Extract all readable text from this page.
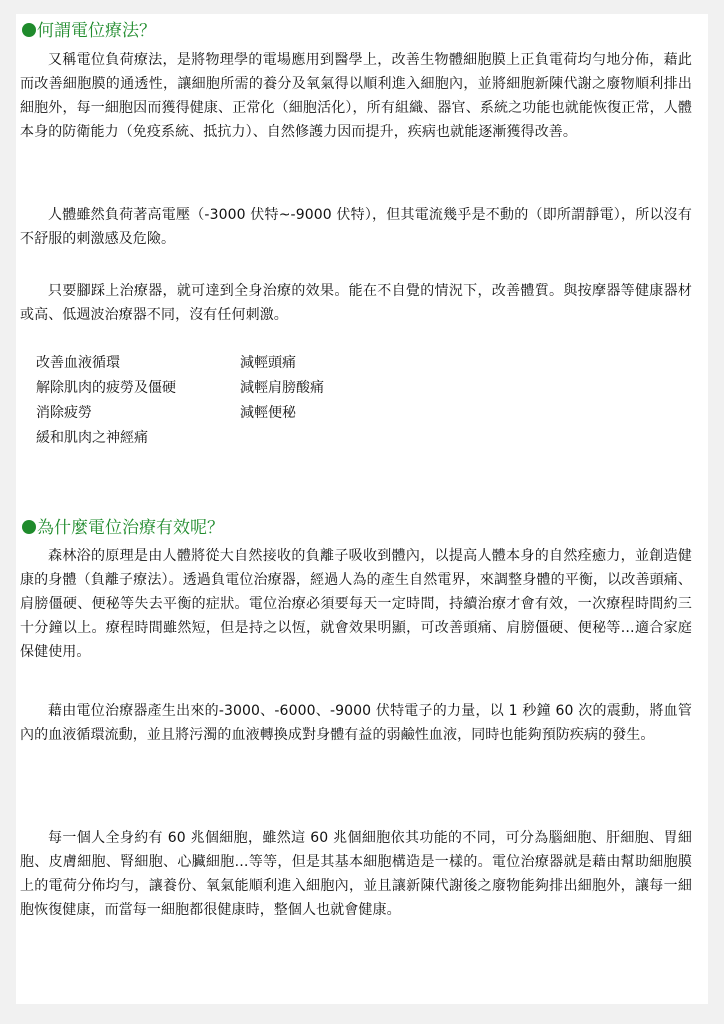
何謂電位療法？

又稱電位負荷療法，是將物理學的電場應用到醫學上，改善生物體細胞膜上正負電荷均勻地分佈，藉此而改善細胞膜的通透性，讓細胞所需的養分及氧氣得以順利進入細胞內，並將細胞新陳代謝之廢物順利排出細胞外，每一細胞因而獲得健康、正常化（細胞活化），所有組織、器官、系統之功能也就能恢復正常，人體本身的防衛能力（免疫系統、抵抗力）、自然修護力因而提升，疾病也就能逐漸獲得改善。

人體雖然負荷著高電壓（-3000 伏特~-9000 伏特），但其電流幾乎是不動的（即所謂靜電），所以沒有不舒服的刺激感及危險。

只要腳踩上治療器，就可達到全身治療的效果。能在不自覺的情況下，改善體質。與按摩器等健康器材或高、低週波治療器不同，沒有任何刺激。

改善血液循環
解除肌肉的疲勞及僵硬
消除疲勞
緩和肌肉之神經痛
減輕頭痛
減輕肩膀酸痛
減輕便秘
為什麼電位治療有效呢？

森林浴的原理是由人體將從大自然接收的負離子吸收到體內，以提高人體本身的自然痊癒力，並創造健康的身體（負離子療法）。透過負電位治療器，經過人為的產生自然電界，來調整身體的平衡，以改善頭痛、肩膀僵硬、便秘等失去平衡的症狀。電位治療必須要每天一定時間，持續治療才會有效，一次療程時間約三十分鐘以上。療程時間雖然短，但是持之以恆，就會效果明顯，可改善頭痛、肩膀僵硬、便秘等…適合家庭保健使用。

藉由電位治療器產生出來的-3000、-6000、-9000 伏特電子的力量，以 1 秒鐘 60 次的震動，將血管內的血液循環流動，並且將污濁的血液轉換成對身體有益的弱鹼性血液，同時也能夠預防疾病的發生。

每一個人全身約有 60 兆個細胞，雖然這 60 兆個細胞依其功能的不同，可分為腦細胞、肝細胞、胃細胞、皮膚細胞、腎細胞、心臟細胞…等等，但是其基本細胞構造是一樣的。電位治療器就是藉由幫助細胞膜上的電荷分佈均勻，讓養份、氧氣能順利進入細胞內，並且讓新陳代謝後之廢物能夠排出細胞外，讓每一細胞恢復健康，而當每一細胞都很健康時，整個人也就會健康。
